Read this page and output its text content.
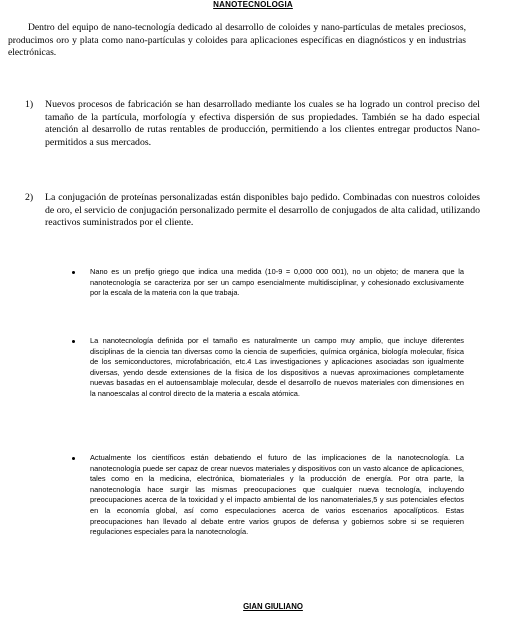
NANOTECNOLOGIA

Dentro del equipo de nano-tecnología dedicado al desarrollo de coloides y nano-partículas de metales preciosos, producimos oro y plata como nano-partículas y coloides para aplicaciones específicas en diagnósticos y en industrias electrónicas.

1)	Nuevos procesos de fabricación se han desarrollado mediante los cuales se ha logrado un control preciso del tamaño de la partícula, morfología y efectiva dispersión de sus propiedades. También se ha dado especial atención al desarrollo de rutas rentables de producción, permitiendo a los clientes entregar productos Nano-permitidos a sus mercados.
2)	La conjugación de proteínas personalizadas están disponibles bajo pedido. Combinadas con nuestros coloides de oro, el servicio de conjugación personalizado permite el desarrollo de conjugados de alta calidad, utilizando reactivos suministrados por el cliente.
Nano es un prefijo griego que indica una medida (10-9 = 0,000 000 001), no un objeto; de manera que la nanotecnología se caracteriza por ser un campo esencialmente multidisciplinar, y cohesionado exclusivamente por la escala de la materia con la que trabaja.
La nanotecnología definida por el tamaño es naturalmente un campo muy amplio, que incluye diferentes disciplinas de la ciencia tan diversas como la ciencia de superficies, química orgánica, biología molecular, física de los semiconductores, microfabricación, etc.4 Las investigaciones y aplicaciones asociadas son igualmente diversas, yendo desde extensiones de la física de los dispositivos a nuevas aproximaciones completamente nuevas basadas en el autoensamblaje molecular, desde el desarrollo de nuevos materiales con dimensiones en la nanoescalas al control directo de la materia a escala atómica.
Actualmente los científicos están debatiendo el futuro de las implicaciones de la nanotecnología. La nanotecnología puede ser capaz de crear nuevos materiales y dispositivos con un vasto alcance de aplicaciones, tales como en la medicina, electrónica, biomateriales y la producción de energía. Por otra parte, la nanotecnología hace surgir las mismas preocupaciones que cualquier nueva tecnología, incluyendo preocupaciones acerca de la toxicidad y el impacto ambiental de los nanomateriales,5 y sus potenciales efectos en la economía global, así como especulaciones acerca de varios escenarios apocalípticos. Estas preocupaciones han llevado al debate entre varios grupos de defensa y gobiernos sobre si se requieren regulaciones especiales para la nanotecnología.
GIAN GIULIANO
